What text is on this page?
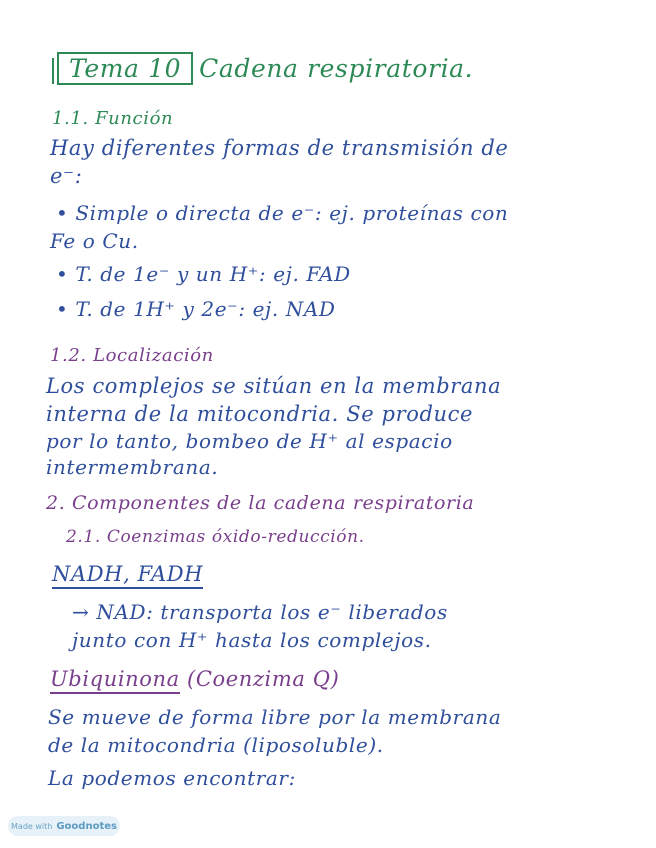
Tema 10 Cadena respiratoria.
1.1. Función
Hay diferentes formas de transmisión de
e⁻:
• Simple o directa de e⁻: ej. proteínas con
Fe o Cu.
• T. de 1e⁻ y un H⁺: ej. FAD
• T. de 1H⁺ y 2e⁻: ej. NAD
1.2. Localización
Los complejos se sitúan en la membrana
interna de la mitocondria. Se produce
por lo tanto, bombeo de H⁺ al espacio
intermembrana.
2. Componentes de la cadena respiratoria
2.1. Coenzimas óxido-reducción.
NADH, FADH
→ NAD: transporta los e⁻ liberados
junto con H⁺ hasta los complejos.
Ubiquinona (Coenzima Q)
Se mueve de forma libre por la membrana
de la mitocondria (liposoluble).
La podemos encontrar:
Made with Goodnotes
